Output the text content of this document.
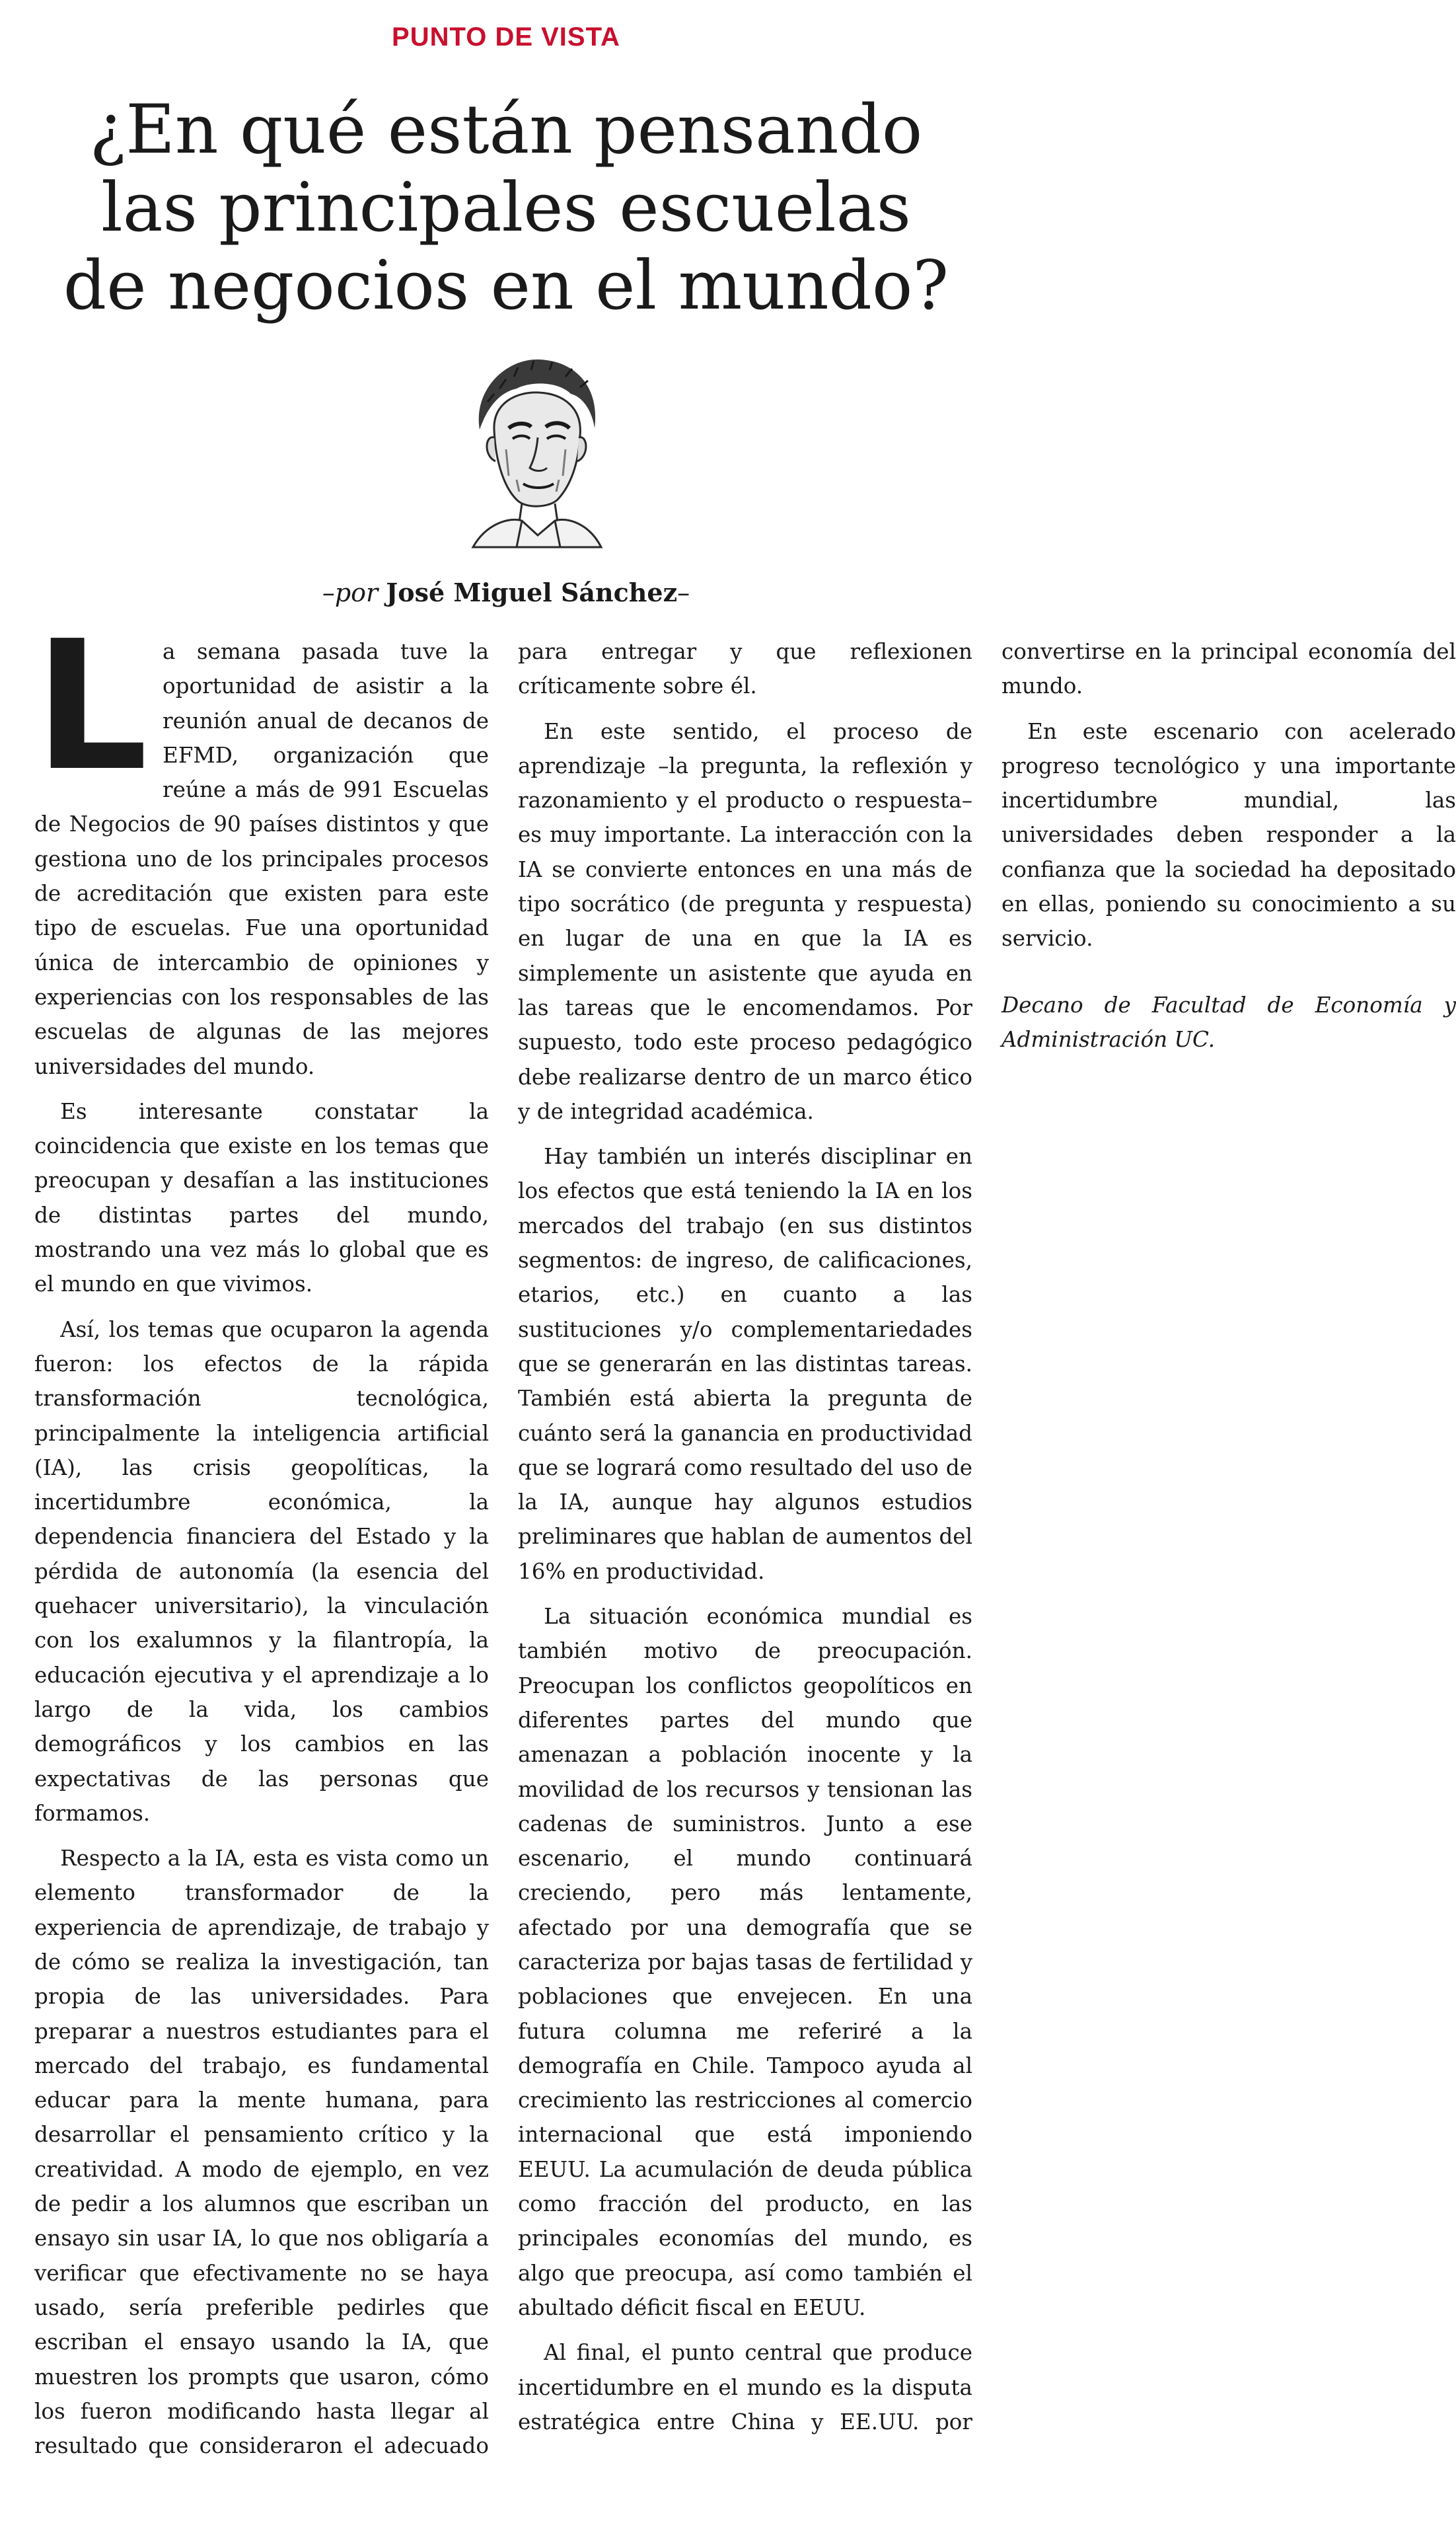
PUNTO DE VISTA
¿En qué están pensando las principales escuelas de negocios en el mundo?
–por José Miguel Sánchez–

La semana pasada tuve la oportunidad de asistir a la reunión anual de decanos de EFMD, organización que reúne a más de 991 Escuelas de Negocios de 90 países distintos y que gestiona uno de los principales procesos de acreditación que existen para este tipo de escuelas. Fue una oportunidad única de intercambio de opiniones y experiencias con los responsables de las escuelas de algunas de las mejores universidades del mundo.

Es interesante constatar la coincidencia que existe en los temas que preocupan y desafían a las instituciones de distintas partes del mundo, mostrando una vez más lo global que es el mundo en que vivimos.

Así, los temas que ocuparon la agenda fueron: los efectos de la rápida transformación tecnológica, principalmente la inteligencia artificial (IA), las crisis geopolíticas, la incertidumbre económica, la dependencia financiera del Estado y la pérdida de autonomía (la esencia del quehacer universitario), la vinculación con los exalumnos y la filantropía, la educación ejecutiva y el aprendizaje a lo largo de la vida, los cambios demográficos y los cambios en las expectativas de las personas que formamos.

Respecto a la IA, esta es vista como un elemento transformador de la experiencia de aprendizaje, de trabajo y de cómo se realiza la investigación, tan propia de las universidades. Para preparar a nuestros estudiantes para el mercado del trabajo, es fundamental educar para la mente humana, para desarrollar el pensamiento crítico y la creatividad. A modo de ejemplo, en vez de pedir a los alumnos que escriban un ensayo sin usar IA, lo que nos obligaría a verificar que efectivamente no se haya usado, sería preferible pedirles que escriban el ensayo usando la IA, que muestren los prompts que usaron, cómo los fueron modificando hasta llegar al resultado que consideraron el adecuado para entregar y que reflexionen críticamente sobre él.

En este sentido, el proceso de aprendizaje –la pregunta, la reflexión y razonamiento y el producto o respuesta– es muy importante. La interacción con la IA se convierte entonces en una más de tipo socrático (de pregunta y respuesta) en lugar de una en que la IA es simplemente un asistente que ayuda en las tareas que le encomendamos. Por supuesto, todo este proceso pedagógico debe realizarse dentro de un marco ético y de integridad académica.

Hay también un interés disciplinar en los efectos que está teniendo la IA en los mercados del trabajo (en sus distintos segmentos: de ingreso, de calificaciones, etarios, etc.) en cuanto a las sustituciones y/o complementariedades que se generarán en las distintas tareas. También está abierta la pregunta de cuánto será la ganancia en productividad que se logrará como resultado del uso de la IA, aunque hay algunos estudios preliminares que hablan de aumentos del 16% en productividad.

La situación económica mundial es también motivo de preocupación. Preocupan los conflictos geopolíticos en diferentes partes del mundo que amenazan a población inocente y la movilidad de los recursos y tensionan las cadenas de suministros. Junto a ese escenario, el mundo continuará creciendo, pero más lentamente, afectado por una demografía que se caracteriza por bajas tasas de fertilidad y poblaciones que envejecen. En una futura columna me referiré a la demografía en Chile. Tampoco ayuda al crecimiento las restricciones al comercio internacional que está imponiendo EEUU. La acumulación de deuda pública como fracción del producto, en las principales economías del mundo, es algo que preocupa, así como también el abultado déficit fiscal en EEUU.

Al final, el punto central que produce incertidumbre en el mundo es la disputa estratégica entre China y EE.UU. por convertirse en la principal economía del mundo.

En este escenario con acelerado progreso tecnológico y una importante incertidumbre mundial, las universidades deben responder a la confianza que la sociedad ha depositado en ellas, poniendo su conocimiento a su servicio.

Decano de Facultad de Economía y Administración UC.
